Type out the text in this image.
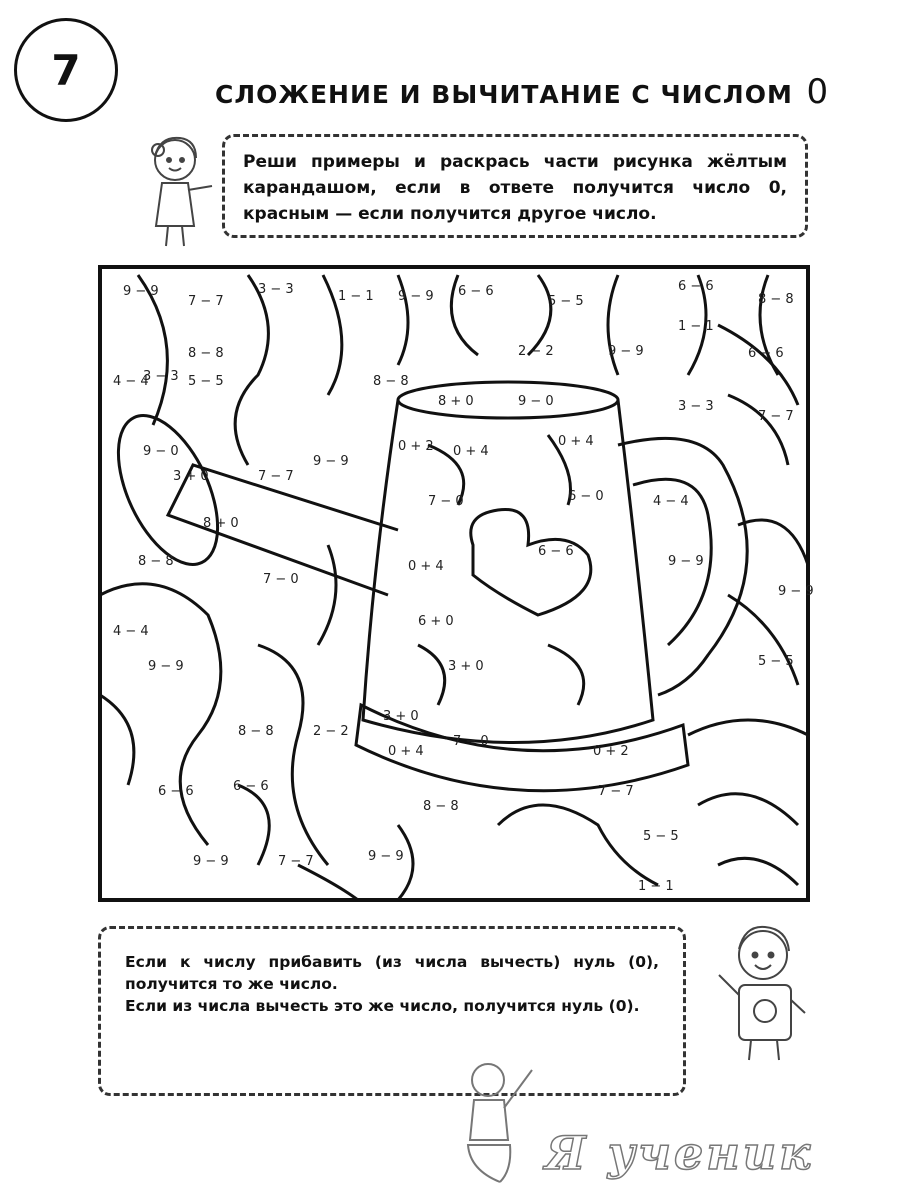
7	СЛОЖЕНИЕ И ВЫЧИТАНИЕ С ЧИСЛОМ 0
Реши примеры и раскрась части рисунка жёлтым карандашом, если в ответе получится число 0, красным — если получится другое число.
9 − 9
7 − 7
3 − 3	1 − 1 9 − 9 6 − 6
5 − 5
6 − 6
8 − 8
8 − 8	2 − 2	9 − 9
1 − 1
6 − 6
4 − 4
3 − 3 5 − 5	8 − 8
8 + 0	9 − 0	3 − 3
7 − 7
9 − 0
9 − 9
0 + 2 0 + 4
0 + 4
3 + 0	7 − 7
8 + 0
7 − 0	6 − 0	4 − 4
8 − 8	0 + 4
6 − 6
7 − 0
9 − 9
9 − 9
4 − 4
6 + 0
2 − 2
5 − 5
9 − 9	3 + 0
0 + 4
3 + 0
7 − 0
0 + 2
8 − 8
6 − 6
8 − 8
7 − 7
6 − 6
5 − 5
9 − 9	7 − 7	9 − 9
1 − 1

Если к числу прибавить (из числа вычесть) нуль (0), получится то же число.

Если из числа вычесть это же число, получится нуль (0).

Я ученик
